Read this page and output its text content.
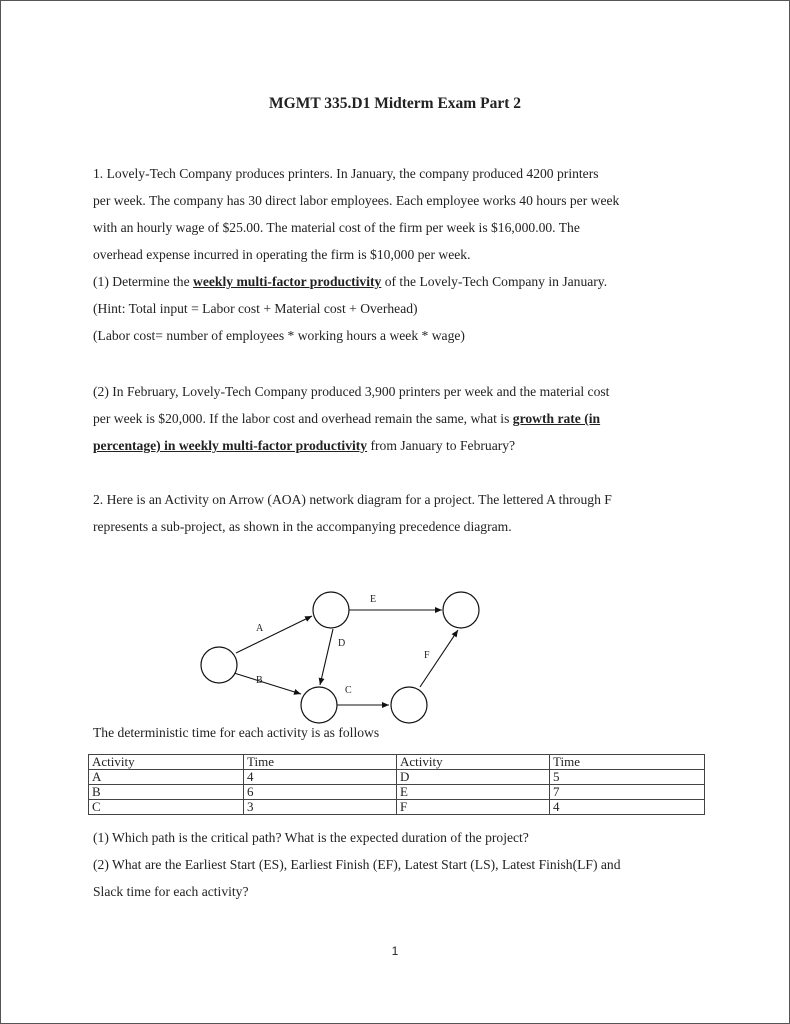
MGMT 335.D1 Midterm Exam Part 2
1. Lovely-Tech Company produces printers. In January, the company produced 4200 printers
per week. The company has 30 direct labor employees. Each employee works 40 hours per week
with an hourly wage of $25.00. The material cost of the firm per week is $16,000.00. The
overhead expense incurred in operating the firm is $10,000 per week.
(1) Determine the weekly multi-factor productivity of the Lovely-Tech Company in January.
(Hint: Total input = Labor cost + Material cost + Overhead)
(Labor cost= number of employees * working hours a week * wage)
(2) In February, Lovely-Tech Company produced 3,900 printers per week and the material cost
per week is $20,000. If the labor cost and overhead remain the same, what is growth rate (in
percentage) in weekly multi-factor productivity from January to February?
2. Here is an Activity on Arrow (AOA) network diagram for a project. The lettered A through F
represents a sub-project, as shown in the accompanying precedence diagram.
A
B
C
D
E
F
The deterministic time for each activity is as follows
Activity	Time	Activity	Time
A	4	D	5
B	6	E	7
C	3	F	4
(1) Which path is the critical path? What is the expected duration of the project?
(2) What are the Earliest Start (ES), Earliest Finish (EF), Latest Start (LS), Latest Finish(LF) and
Slack time for each activity?
1
